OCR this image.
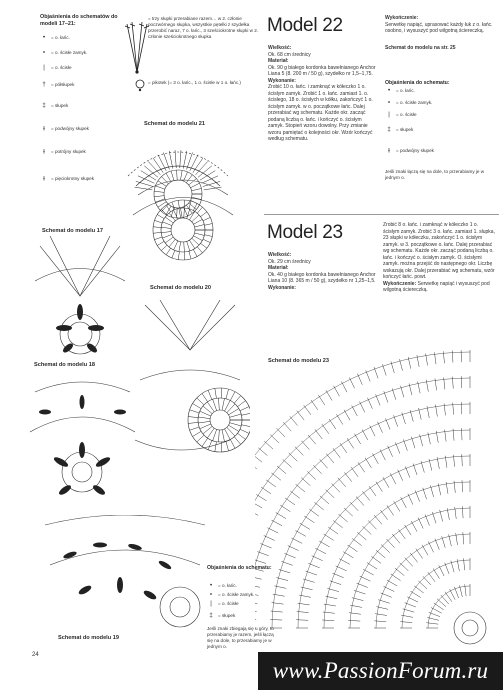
Objaśnienia do schematów do modeli 17–21:
•	= o. łańc.
∘	= o. ścisłe zamyk.
|	= o. ścisłe
†	= półsłupek
‡	= słupek
⫲	= podwójny słupek
⫲	= potrójny słupek
⫲	= pięciokrotny słupek
= trzy słupki przerabiane razem… w 2. członie poczwórnego słupka, wszystkie pętelki z szydełka przerobić naraz, 7 o. łańc., 3 sześciokrotne słupki w 2. członie sześciokrotnego słupka
= pikotek (= 3 o. łańc., 1 o. ścisłe w 1 o. łańc.)
Schemat do modelu 21
Schemat do modelu 17
Schemat do modelu 20
Schemat do modelu 18
Schemat do modelu 19
Model 22
Wielkość:
Ok. 68 cm średnicy
Materiał:
Ok. 90 g białego kordonka bawełnianego Anchor Liana 5 (8. 200 m / 50 g), szydełko nr 1,5–1,75.
Wykonanie:
Zrobić 10 o. łańc. i zamknąć w kółeczko 1 o. ścisłym zamyk. Zrobić 1 o. łańc. zamiast 1. o. ścisłego, 18 o. ścisłych w kółku, zakończyć 1 o. ścisłym zamyk. w o. początkowe łańc. Dalej przerabiać wg schematu. Każde okr. zacząć podaną liczbą o. łańc. i kończyć o. ścisłym zamyk. Stopień wzoru dowolny. Przy zmianie wzoru pamiętać o kolejności okr. Wzór kończyć według schematu.
Wykończenie:
Serwetkę napiąć, uprasować każdy łuk z o. łańc. osobno, i wysuszyć pod wilgotną ściereczką.
Schemat do modelu na str. 25
Objaśnienia do schematu:
•	= o. łańc.
∘	= o. ścisłe zamyk.
|	= o. ścisłe
‡	= słupek
⫲	= podwójny słupek
Jeśli znaki łączą się na dole, to przerabiamy je w jednym o.
Model 23
Wielkość:
Ok. 29 cm średnicy
Materiał:
Ok. 40 g białego kordonka bawełnianego Anchor Liana 10 (8. 365 m / 50 g), szydełko nr 1,25–1,5.
Wykonanie:
Zrobić 8 o. łańc. i zamknąć w kółeczko 1 o. ścisłym zamyk. Zrobić 3 o. łańc. zamiast 1. słupka, 23 słupki w kółeczku, zakończyć 1 o. ścisłym zamyk. w 3. początkowe o. łańc. Dalej przerabiać wg schematu. Każde okr. zacząć podaną liczbą o. łańc. i kończyć o. ścisłym zamyk. O. ścisłymi zamyk. można przejść do następnego okr. Liczbę wskazują okr. Dalej przerabiać wg schematu, wzór kończyć łańc. powt.
Wykończenie: Serwetkę napiąć i wysuszyć pod wilgotną ściereczką.
Schemat do modelu 23
Objaśnienia do schematu:
•	= o. łańc.
∘	= o. ścisłe zamyk.
|	= o. ścisłe
‡	= słupek
Jeśli znaki zbiegają się u góry, to przerabiamy je razem, jeśli łączą się na dole, to przerabiamy je w jednym o.
24
www.PassionForum.ru
